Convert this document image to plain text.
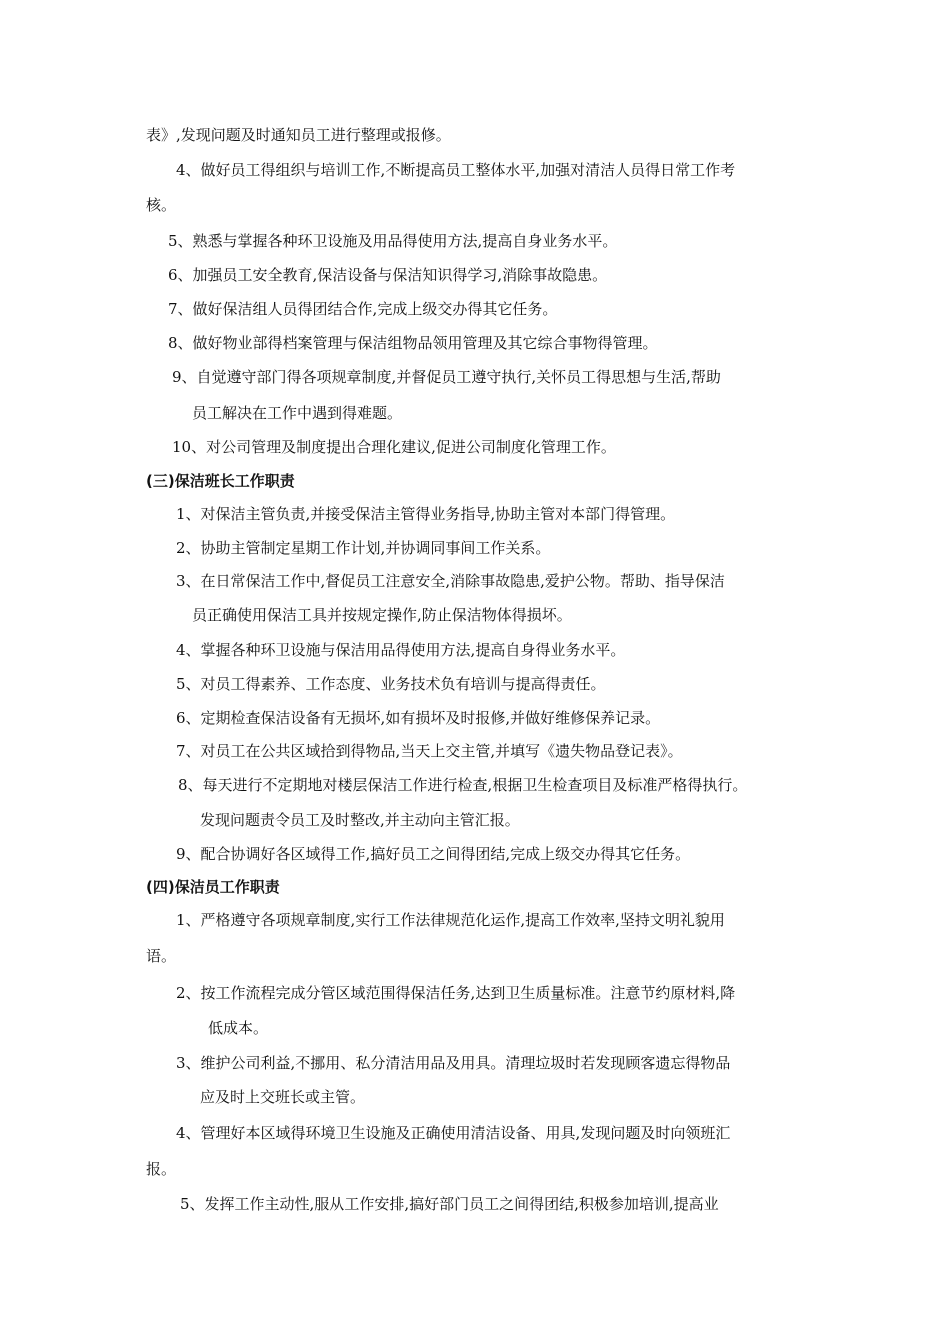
表》,发现问题及时通知员工进行整理或报修。
4、做好员工得组织与培训工作,不断提高员工整体水平,加强对清洁人员得日常工作考
核。
5、熟悉与掌握各种环卫设施及用品得使用方法,提高自身业务水平。
6、加强员工安全教育,保洁设备与保洁知识得学习,消除事故隐患。
7、做好保洁组人员得团结合作,完成上级交办得其它任务。
8、做好物业部得档案管理与保洁组物品领用管理及其它综合事物得管理。
9、自觉遵守部门得各项规章制度,并督促员工遵守执行,关怀员工得思想与生活,帮助
员工解决在工作中遇到得难题。
10、对公司管理及制度提出合理化建议,促进公司制度化管理工作。
(三)保洁班长工作职责
1、对保洁主管负责,并接受保洁主管得业务指导,协助主管对本部门得管理。
2、协助主管制定星期工作计划,并协调同事间工作关系。
3、在日常保洁工作中,督促员工注意安全,消除事故隐患,爱护公物。帮助、指导保洁
员正确使用保洁工具并按规定操作,防止保洁物体得损坏。
4、掌握各种环卫设施与保洁用品得使用方法,提高自身得业务水平。
5、对员工得素养、工作态度、业务技术负有培训与提高得责任。
6、定期检查保洁设备有无损坏,如有损坏及时报修,并做好维修保养记录。
7、对员工在公共区域拾到得物品,当天上交主管,并填写《遗失物品登记表》。
8、每天进行不定期地对楼层保洁工作进行检查,根据卫生检查项目及标准严格得执行。
发现问题责令员工及时整改,并主动向主管汇报。
9、配合协调好各区域得工作,搞好员工之间得团结,完成上级交办得其它任务。
(四)保洁员工作职责
1、严格遵守各项规章制度,实行工作法律规范化运作,提高工作效率,坚持文明礼貌用
语。
2、按工作流程完成分管区域范围得保洁任务,达到卫生质量标准。注意节约原材料,降
低成本。
3、维护公司利益,不挪用、私分清洁用品及用具。清理垃圾时若发现顾客遗忘得物品
应及时上交班长或主管。
4、管理好本区域得环境卫生设施及正确使用清洁设备、用具,发现问题及时向领班汇
报。
5、发挥工作主动性,服从工作安排,搞好部门员工之间得团结,积极参加培训,提高业
